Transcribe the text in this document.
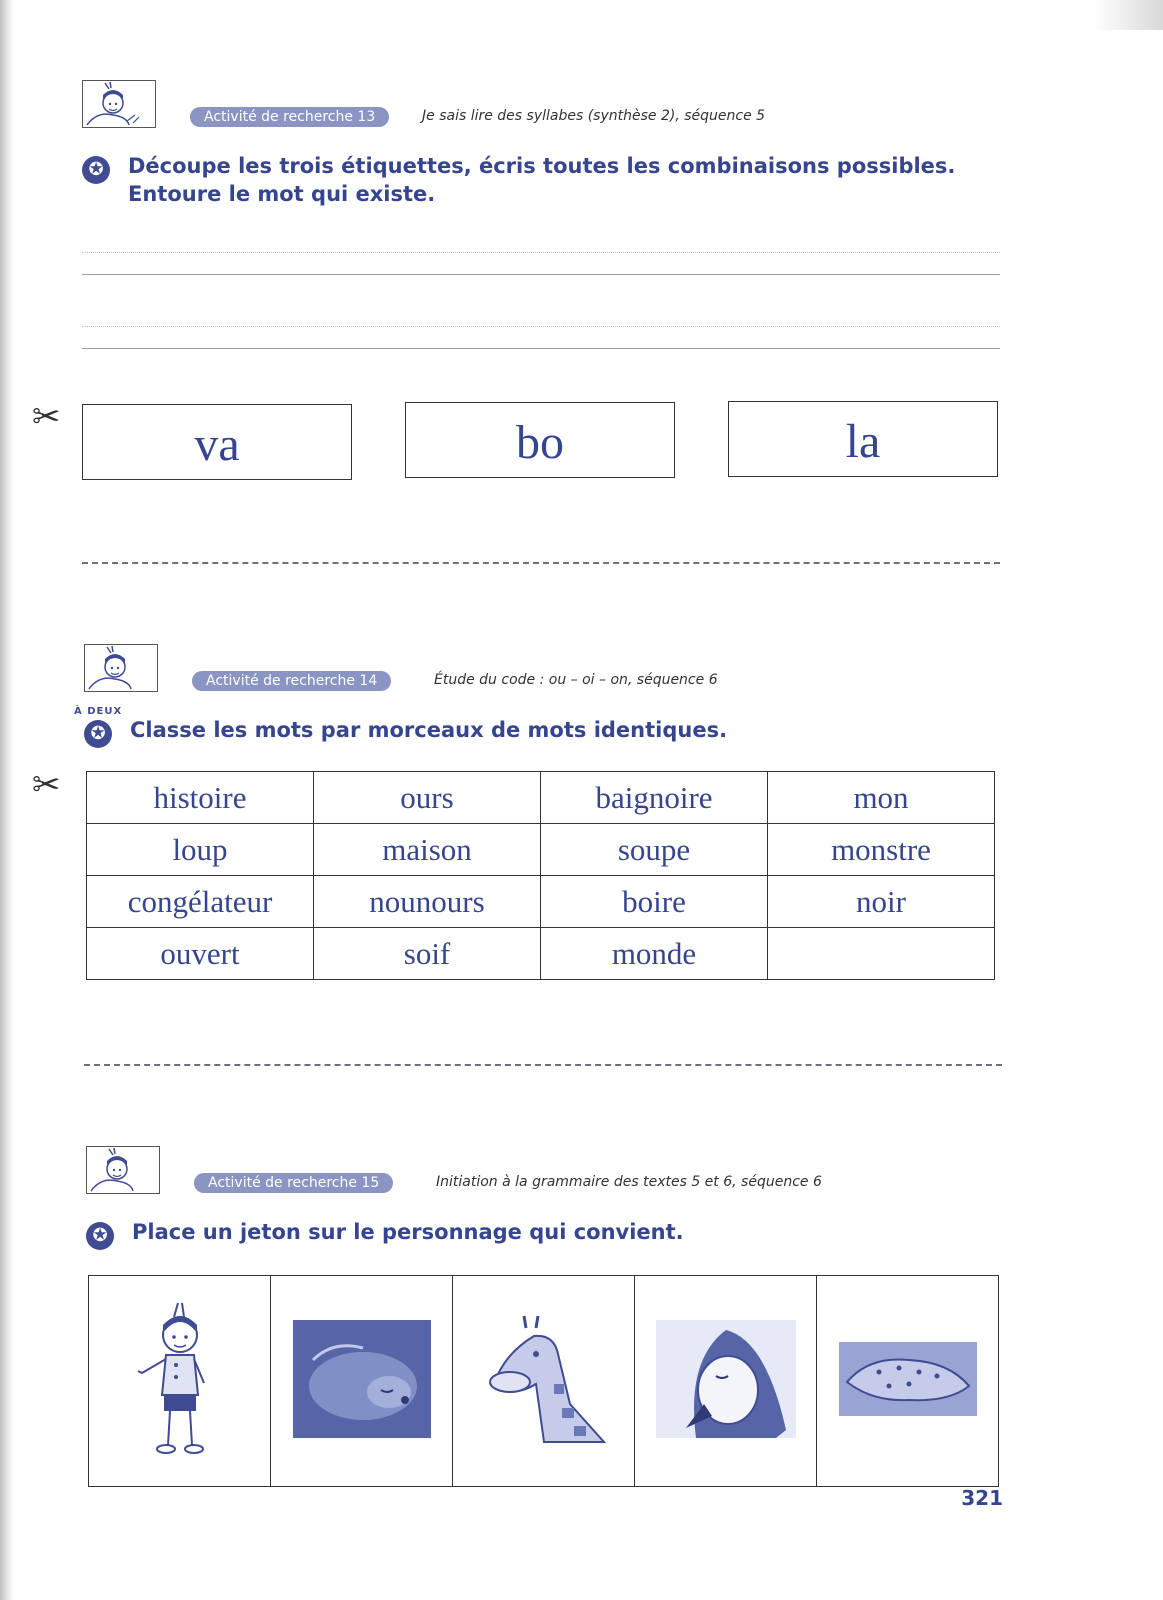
Activité de recherche 13	Je sais lire des syllabes (synthèse 2), séquence 5
✪	Découpe les trois étiquettes, écris toutes les combinaisons possibles.
Entoure le mot qui existe.
✂
va	bo	la
Activité de recherche 14	Étude du code : ou – oi – on, séquence 6
À DEUX
✪	Classe les mots par morceaux de mots identiques.
✂	histoire	ours	baignoire	mon
loup	maison	soupe	monstre
congélateur	nounours	boire	noir
ouvert	soif	monde	
Activité de recherche 15	Initiation à la grammaire des textes 5 et 6, séquence 6
✪	Place un jeton sur le personnage qui convient.

321
